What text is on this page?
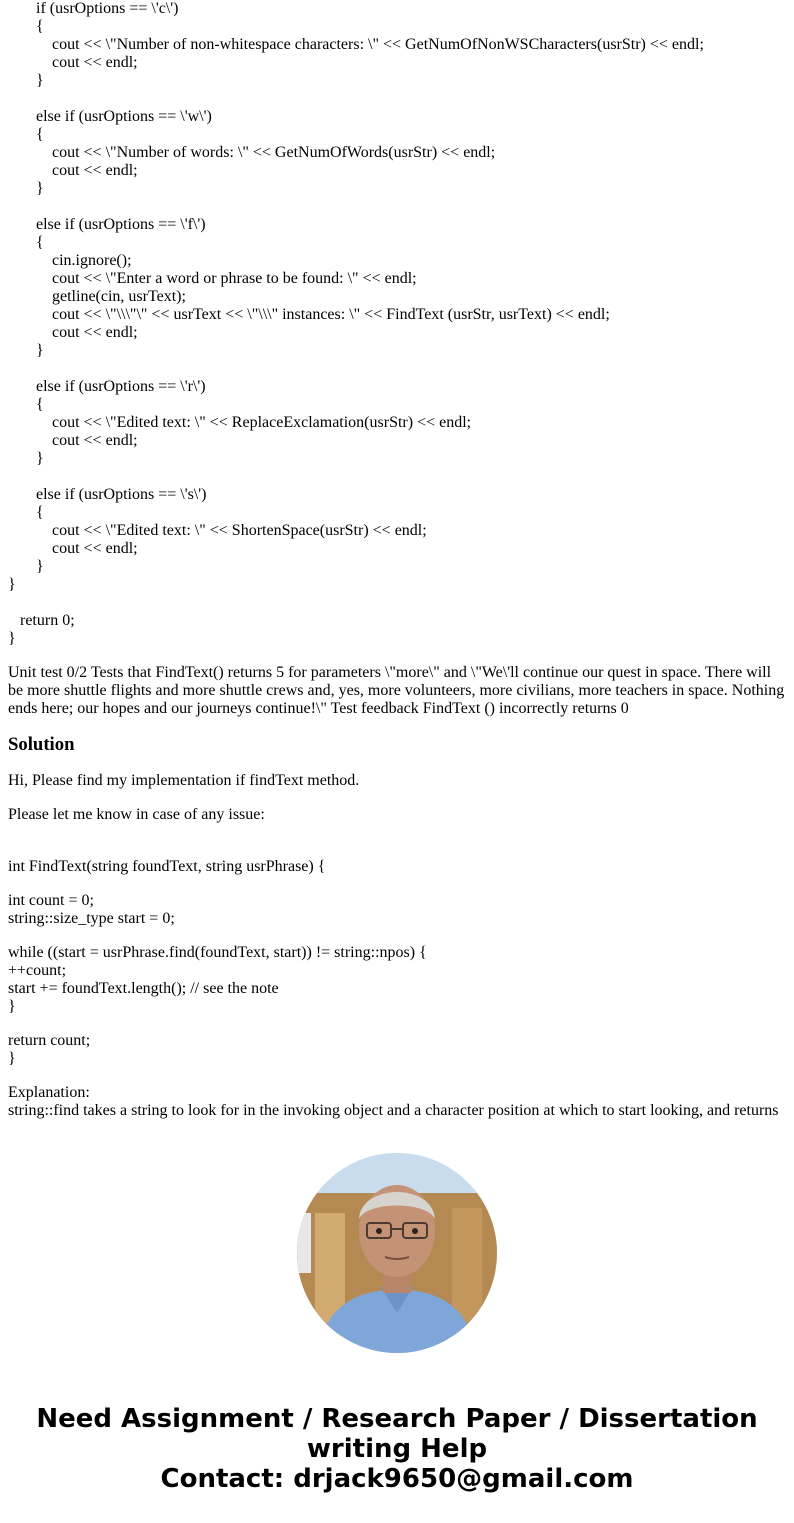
if (usrOptions == \'c\')
{
cout << \"Number of non-whitespace characters: \" << GetNumOfNonWSCharacters(usrStr) << endl;
cout << endl;
}
else if (usrOptions == \'w\')
{
cout << \"Number of words: \" << GetNumOfWords(usrStr) << endl;
cout << endl;
}
else if (usrOptions == \'f\')
{
cin.ignore();
cout << \"Enter a word or phrase to be found: \" << endl;
getline(cin, usrText);
cout << \"\\\"\" << usrText << \"\\\" instances: \" << FindText (usrStr, usrText) << endl;
cout << endl;
}
else if (usrOptions == \'r\')
{
cout << \"Edited text: \" << ReplaceExclamation(usrStr) << endl;
cout << endl;
}
else if (usrOptions == \'s\')
{
cout << \"Edited text: \" << ShortenSpace(usrStr) << endl;
cout << endl;
}
}
return 0;
}

Unit test 0/2 Tests that FindText() returns 5 for parameters \"more\" and \"We\'ll continue our quest in space. There will be more shuttle flights and more shuttle crews and, yes, more volunteers, more civilians, more teachers in space. Nothing ends here; our hopes and our journeys continue!\" Test feedback FindText () incorrectly returns 0

Solution

Hi, Please find my implementation if findText method.

Please let me know in case of any issue:

int FindText(string foundText, string usrPhrase) {
int count = 0;
string::size_type start = 0;
while ((start = usrPhrase.find(foundText, start)) != string::npos) {
++count;
start += foundText.length(); // see the note
}
return count;
}

Explanation:

string::find takes a string to look for in the invoking object and a character position at which to start looking, and returns

Need Assignment / Research Paper / Dissertation
writing Help
Contact: drjack9650@gmail.com
